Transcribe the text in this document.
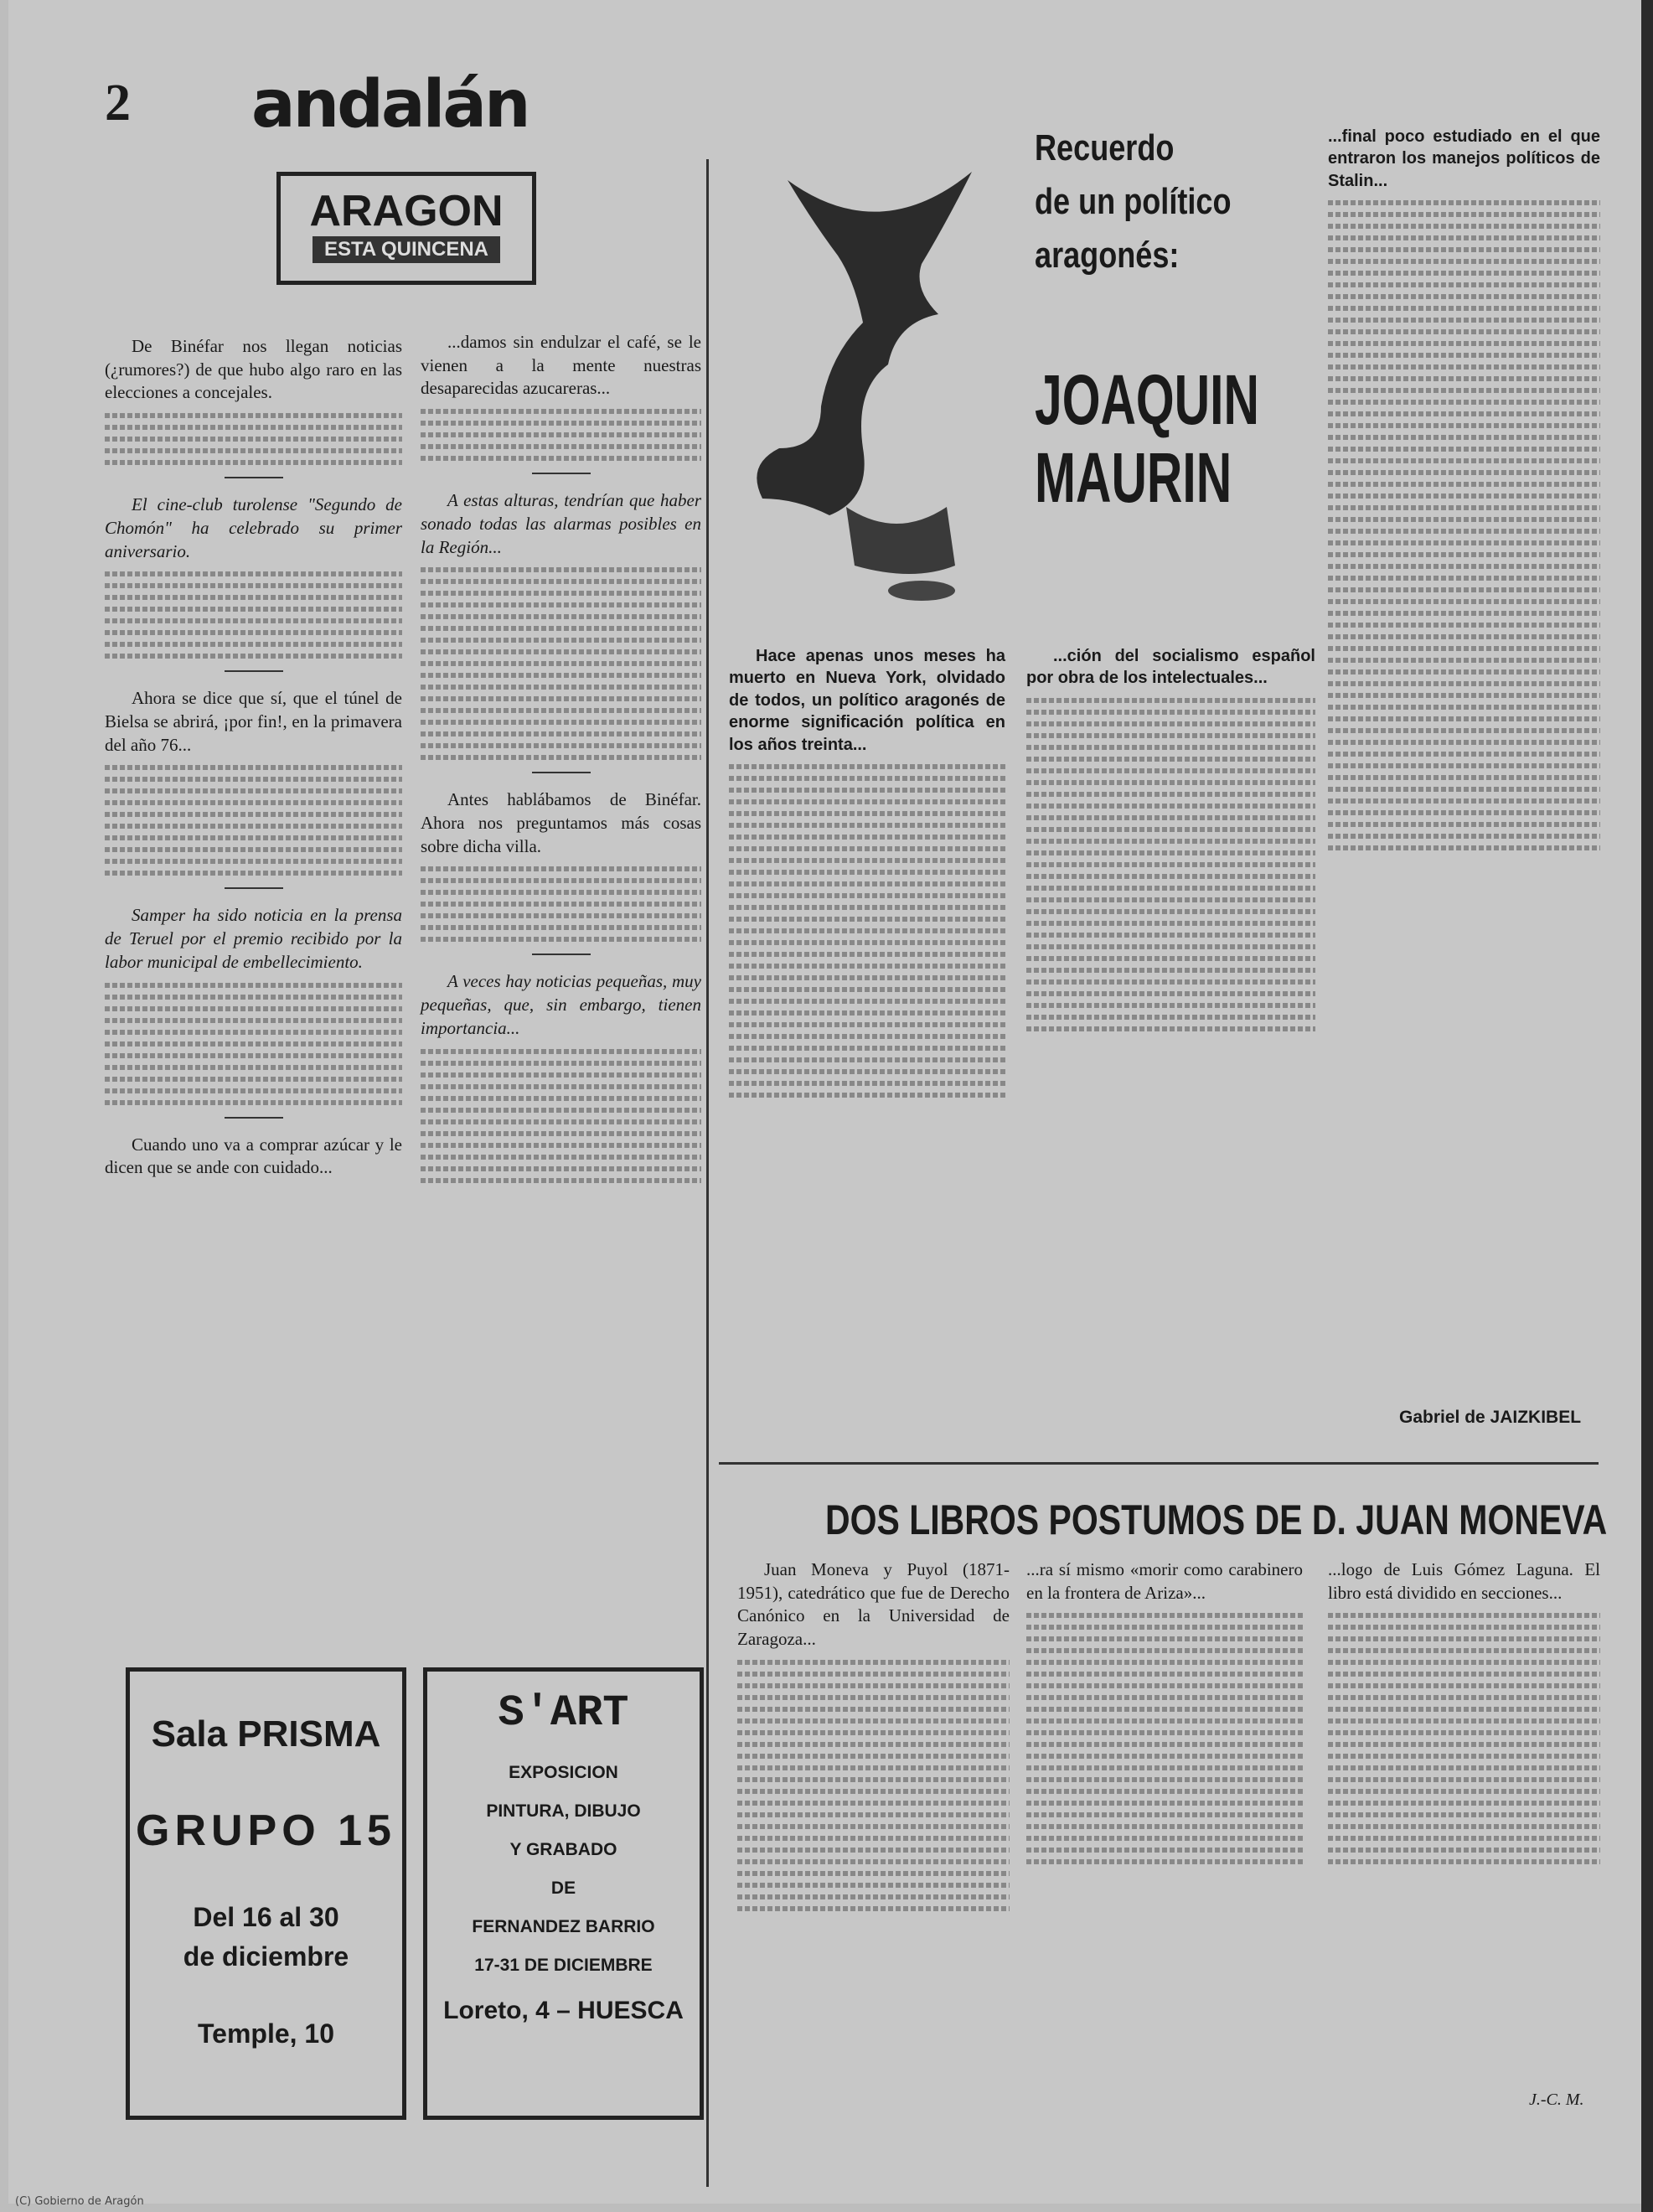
2 andalán
ARAGON
ESTA QUINCENA

De Binéfar nos llegan noticias (¿rumores?) de que hubo algo raro en las elecciones a concejales.

El cine-club turolense "Segundo de Chomón" ha celebrado su primer aniversario.

Ahora se dice que sí, que el túnel de Bielsa se abrirá, ¡por fin!, en la primavera del año 76...

Samper ha sido noticia en la prensa de Teruel por el premio recibido por la labor municipal de embellecimiento.

Cuando uno va a comprar azúcar y le dicen que se ande con cuidado...

...damos sin endulzar el café, se le vienen a la mente nuestras desaparecidas azucareras...

A estas alturas, tendrían que haber sonado todas las alarmas posibles en la Región...

Antes hablábamos de Binéfar. Ahora nos preguntamos más cosas sobre dicha villa.

A veces hay noticias pequeñas, muy pequeñas, que, sin embargo, tienen importancia...

Recuerdo
de un político
aragonés:
JOAQUIN
MAURIN

Hace apenas unos meses ha muerto en Nueva York, olvidado de todos, un político aragonés de enorme significación política en los años treinta...

...ción del socialismo español por obra de los intelectuales...

...final poco estudiado en el que entraron los manejos políticos de Stalin...

Gabriel de JAIZKIBEL
DOS LIBROS POSTUMOS DE D. JUAN MONEVA

Juan Moneva y Puyol (1871-1951), catedrático que fue de Derecho Canónico en la Universidad de Zaragoza...

...ra sí mismo «morir como carabinero en la frontera de Ariza»...

...logo de Luis Gómez Laguna. El libro está dividido en secciones...

J.-C. M.
Sala PRISMA
GRUPO 15
Del 16 al 30
de diciembre
Temple, 10
S'ART
EXPOSICION
PINTURA, DIBUJO
Y GRABADO
DE
FERNANDEZ BARRIO
17-31 DE DICIEMBRE
Loreto, 4 – HUESCA
(C) Gobierno de Aragón
